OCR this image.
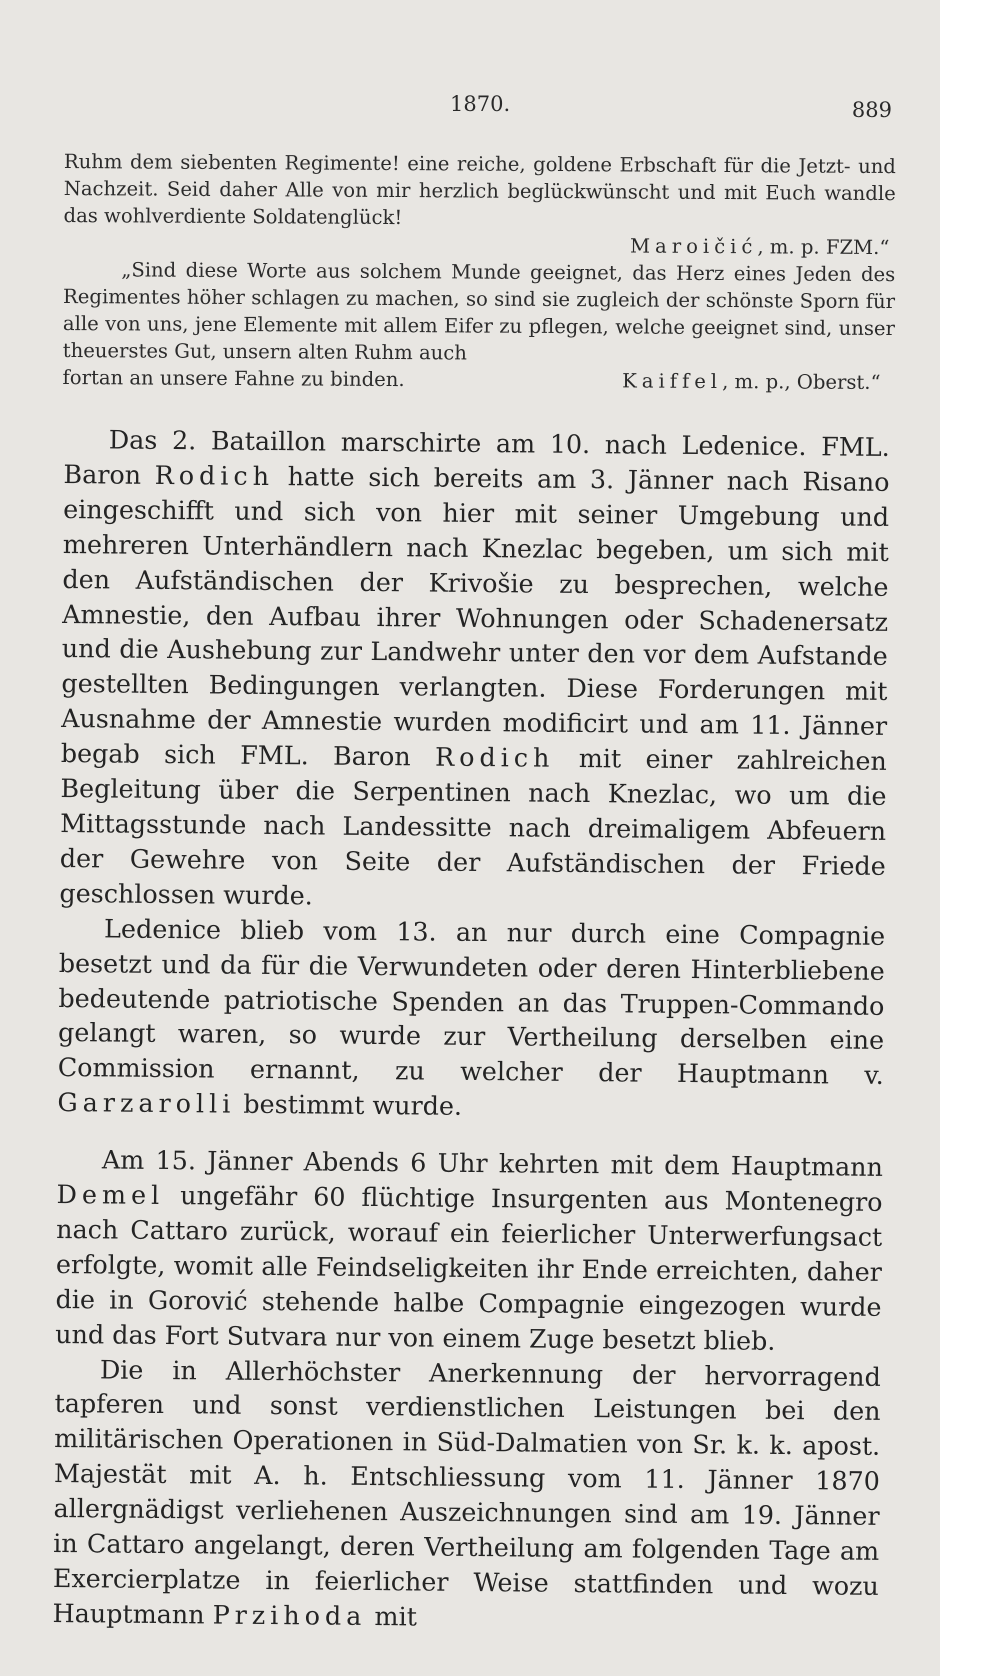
1870.	889

Ruhm dem siebenten Regimente! eine reiche, goldene Erbschaft für die Jetzt- und Nachzeit. Seid daher Alle von mir herzlich beglückwünscht und mit Euch wandle das wohlverdiente Soldatenglück!

Maroičić, m. p. FZM.“

„Sind diese Worte aus solchem Munde geeignet, das Herz eines Jeden des Regimentes höher schlagen zu machen, so sind sie zugleich der schönste Sporn für alle von uns, jene Elemente mit allem Eifer zu pflegen, welche geeignet sind, unser theuerstes Gut, unsern alten Ruhm auch

fortan an unsere Fahne zu binden.	Kaiffel, m. p., Oberst.“

Das 2. Bataillon marschirte am 10. nach Ledenice. FML. Baron Rodich hatte sich bereits am 3. Jänner nach Risano eingeschifft und sich von hier mit seiner Umgebung und mehreren Unterhändlern nach Knezlac begeben, um sich mit den Aufständischen der Krivošie zu besprechen, welche Amnestie, den Aufbau ihrer Wohnungen oder Schadenersatz und die Aushebung zur Landwehr unter den vor dem Aufstande gestellten Bedingungen verlangten. Diese Forderungen mit Ausnahme der Amnestie wurden modificirt und am 11. Jänner begab sich FML. Baron Rodich mit einer zahlreichen Begleitung über die Serpentinen nach Knezlac, wo um die Mittagsstunde nach Landessitte nach dreimaligem Abfeuern der Gewehre von Seite der Aufständischen der Friede geschlossen wurde.

Ledenice blieb vom 13. an nur durch eine Compagnie besetzt und da für die Verwundeten oder deren Hinterbliebene bedeutende patriotische Spenden an das Truppen-Commando gelangt waren, so wurde zur Vertheilung derselben eine Commission ernannt, zu welcher der Hauptmann v. Garzarolli bestimmt wurde.

Am 15. Jänner Abends 6 Uhr kehrten mit dem Hauptmann Demel ungefähr 60 flüchtige Insurgenten aus Montenegro nach Cattaro zurück, worauf ein feierlicher Unterwerfungsact erfolgte, womit alle Feindseligkeiten ihr Ende erreichten, daher die in Gorović stehende halbe Compagnie eingezogen wurde und das Fort Sutvara nur von einem Zuge besetzt blieb.

Die in Allerhöchster Anerkennung der hervorragend tapferen und sonst verdienstlichen Leistungen bei den militärischen Operationen in Süd-Dalmatien von Sr. k. k. apost. Majestät mit A. h. Entschliessung vom 11. Jänner 1870 allergnädigst verliehenen Auszeichnungen sind am 19. Jänner in Cattaro angelangt, deren Vertheilung am folgenden Tage am Exercierplatze in feierlicher Weise stattfinden und wozu Hauptmann Przihoda mit
